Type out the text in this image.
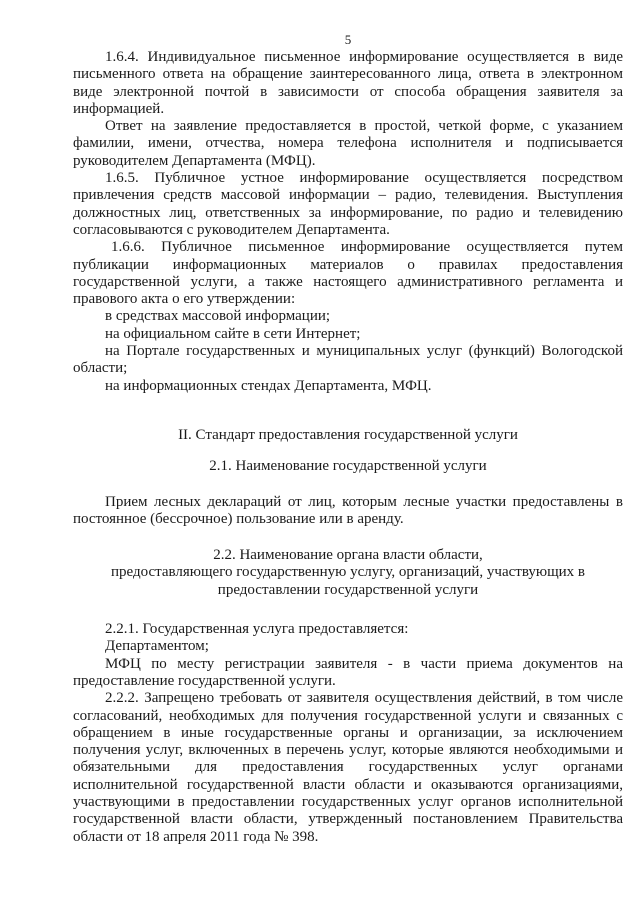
5

1.6.4. Индивидуальное письменное информирование осуществляется в виде письменного ответа на обращение заинтересованного лица, ответа в электронном виде электронной почтой в зависимости от способа обращения заявителя за информацией.

Ответ на заявление предоставляется в простой, четкой форме, с указанием фамилии, имени, отчества, номера телефона исполнителя и подписывается руководителем Департамента (МФЦ).

1.6.5. Публичное устное информирование осуществляется посредством привлечения средств массовой информации – радио, телевидения. Выступления должностных лиц, ответственных за информирование, по радио и телевидению согласовываются с руководителем Департамента.

1.6.6. Публичное письменное информирование осуществляется путем публикации информационных материалов о правилах предоставления государственной услуги, а также настоящего административного регламента и правового акта о его утверждении:

в средствах массовой информации;

на официальном сайте в сети Интернет;

на Портале государственных и муниципальных услуг (функций) Вологодской области;

на информационных стендах Департамента, МФЦ.

II. Стандарт предоставления государственной услуги

2.1. Наименование государственной услуги

Прием лесных деклараций от лиц, которым лесные участки предоставлены в постоянное (бессрочное) пользование или в аренду.

2.2. Наименование органа власти области,
предоставляющего государственную услугу, организаций, участвующих в
предоставлении государственной услуги

2.2.1. Государственная услуга предоставляется:

Департаментом;

МФЦ по месту регистрации заявителя - в части приема документов на предоставление государственной услуги.

2.2.2. Запрещено требовать от заявителя осуществления действий, в том числе согласований, необходимых для получения государственной услуги и связанных с обращением в иные государственные органы и организации, за исключением получения услуг, включенных в перечень услуг, которые являются необходимыми и обязательными для предоставления государственных услуг органами исполнительной государственной власти области и оказываются организациями, участвующими в предоставлении государственных услуг органов исполнительной государственной власти области, утвержденный постановлением Правительства области от 18 апреля 2011 года № 398.
